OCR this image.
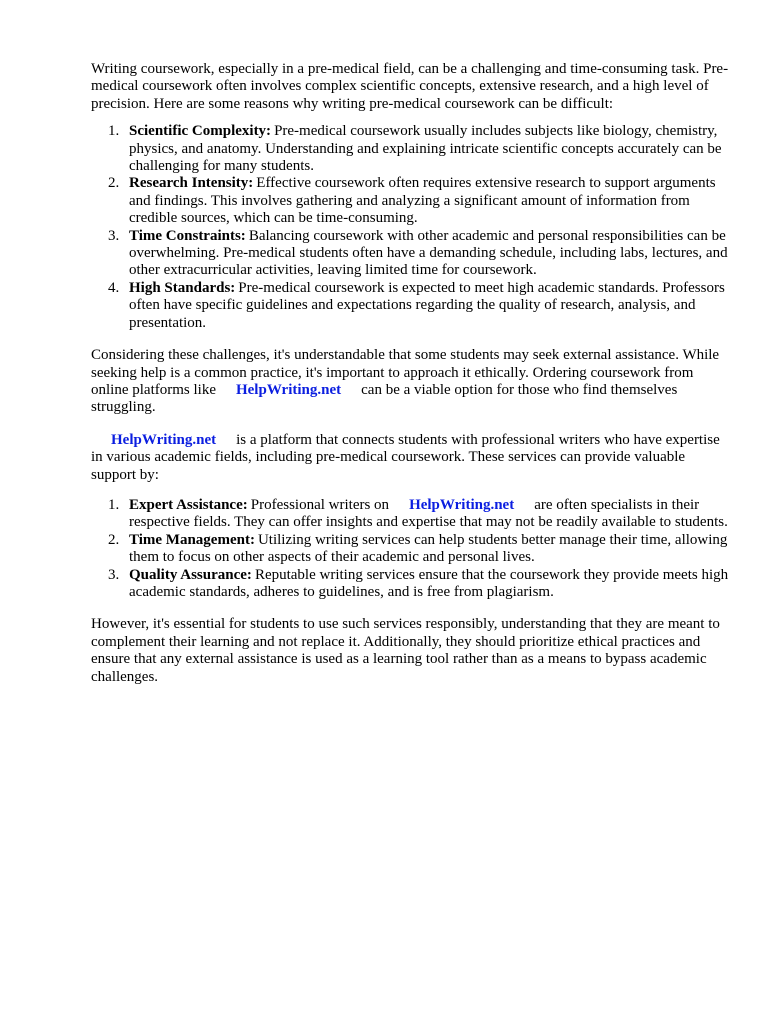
Writing coursework, especially in a pre-medical field, can be a challenging and time-consuming task. Pre-medical coursework often involves complex scientific concepts, extensive research, and a high level of precision. Here are some reasons why writing pre-medical coursework can be difficult:

1. Scientific Complexity: Pre-medical coursework usually includes subjects like biology, chemistry, physics, and anatomy. Understanding and explaining intricate scientific concepts accurately can be challenging for many students.
2. Research Intensity: Effective coursework often requires extensive research to support arguments and findings. This involves gathering and analyzing a significant amount of information from credible sources, which can be time-consuming.
3. Time Constraints: Balancing coursework with other academic and personal responsibilities can be overwhelming. Pre-medical students often have a demanding schedule, including labs, lectures, and other extracurricular activities, leaving limited time for coursework.
4. High Standards: Pre-medical coursework is expected to meet high academic standards. Professors often have specific guidelines and expectations regarding the quality of research, analysis, and presentation.

Considering these challenges, it's understandable that some students may seek external assistance. While seeking help is a common practice, it's important to approach it ethically. Ordering coursework from online platforms like HelpWriting.net can be a viable option for those who find themselves struggling.

HelpWriting.net is a platform that connects students with professional writers who have expertise in various academic fields, including pre-medical coursework. These services can provide valuable support by:

1. Expert Assistance: Professional writers on HelpWriting.net are often specialists in their respective fields. They can offer insights and expertise that may not be readily available to students.
2. Time Management: Utilizing writing services can help students better manage their time, allowing them to focus on other aspects of their academic and personal lives.
3. Quality Assurance: Reputable writing services ensure that the coursework they provide meets high academic standards, adheres to guidelines, and is free from plagiarism.

However, it's essential for students to use such services responsibly, understanding that they are meant to complement their learning and not replace it. Additionally, they should prioritize ethical practices and ensure that any external assistance is used as a learning tool rather than as a means to bypass academic challenges.
